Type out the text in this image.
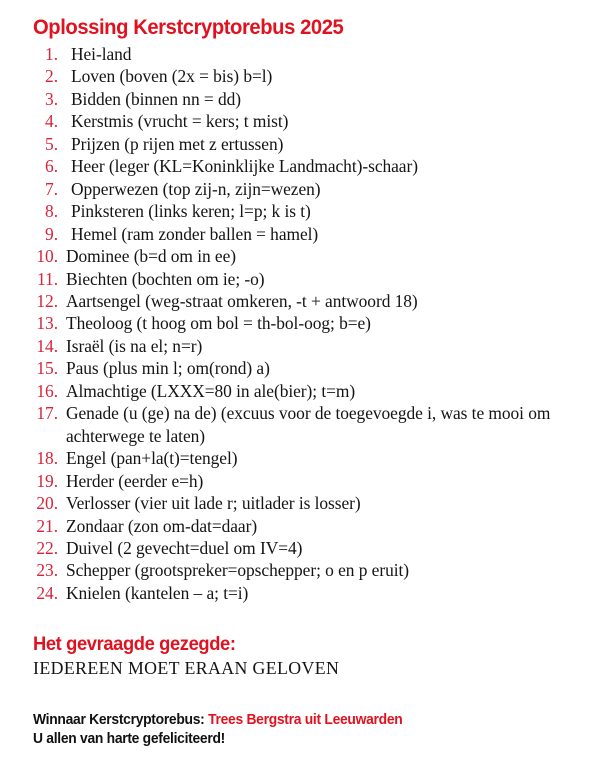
Oplossing Kerstcryptorebus 2025
1. Hei-land
2. Loven (boven (2x = bis) b=l)
3. Bidden (binnen nn = dd)
4. Kerstmis (vrucht = kers; t mist)
5. Prijzen (p rijen met z ertussen)
6. Heer (leger (KL=Koninklijke Landmacht)-schaar)
7. Opperwezen (top zij-n, zijn=wezen)
8. Pinksteren (links keren; l=p; k is t)
9. Hemel (ram zonder ballen = hamel)
10. Dominee (b=d om in ee)
11. Biechten (bochten om ie; -o)
12. Aartsengel (weg-straat omkeren, -t + antwoord 18)
13. Theoloog (t hoog om bol = th-bol-oog; b=e)
14. Israël (is na el; n=r)
15. Paus (plus min l; om(rond) a)
16. Almachtige (LXXX=80 in ale(bier); t=m)
17. Genade (u (ge) na de) (excuus voor de toegevoegde i, was te mooi om achterwege te laten)
18. Engel (pan+la(t)=tengel)
19. Herder (eerder e=h)
20. Verlosser (vier uit lade r; uitlader is losser)
21. Zondaar (zon om-dat=daar)
22. Duivel (2 gevecht=duel om IV=4)
23. Schepper (grootspreker=opschepper; o en p eruit)
24. Knielen (kantelen – a; t=i)
Het gevraagde gezegde:
IEDEREEN MOET ERAAN GELOVEN
Winnaar Kerstcryptorebus: Trees Bergstra uit Leeuwarden
U allen van harte gefeliciteerd!
